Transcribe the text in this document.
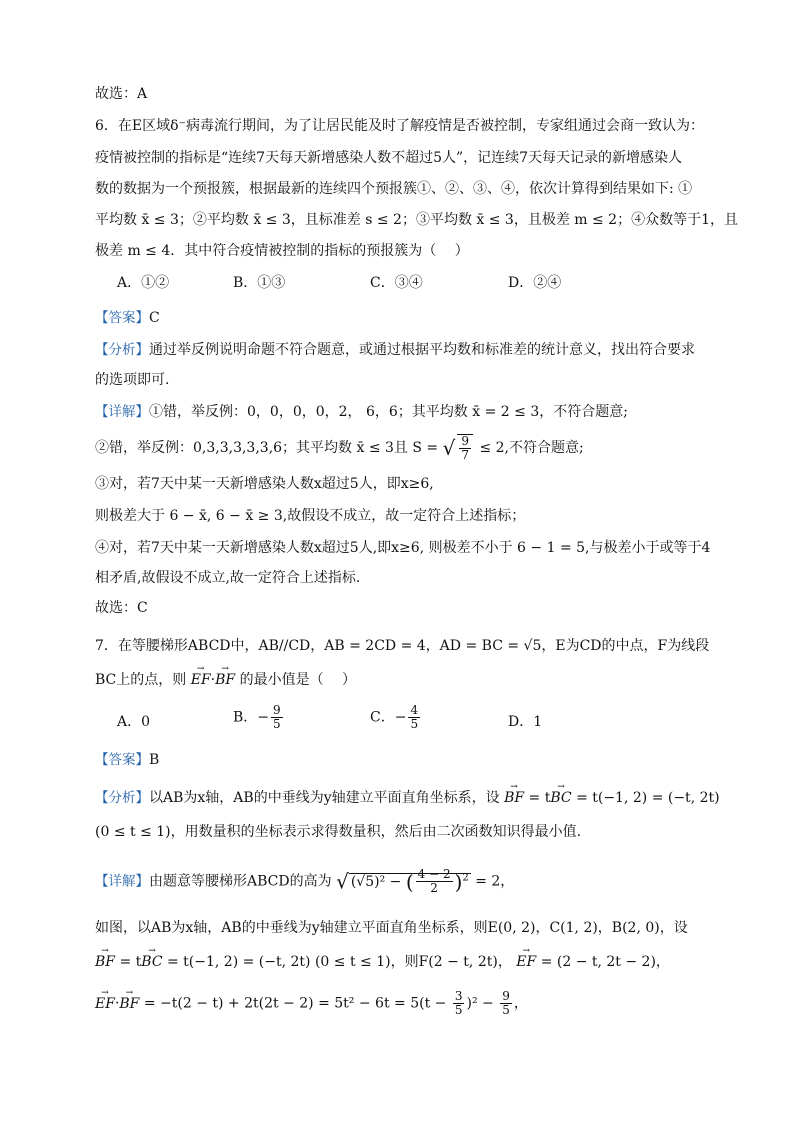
故选：A
6．在E区域δ⁻病毒流行期间，为了让居民能及时了解疫情是否被控制，专家组通过会商一致认为：
疫情被控制的指标是“连续7天每天新增感染人数不超过5人”，记连续7天每天记录的新增感染人
数的数据为一个预报簇，根据最新的连续四个预报簇①、②、③、④，依次计算得到结果如下: ①
平均数 x̄ ≤ 3；②平均数 x̄ ≤ 3，且标准差 s ≤ 2；③平均数 x̄ ≤ 3，且极差 m ≤ 2；④众数等于1，且
极差 m ≤ 4．其中符合疫情被控制的指标的预报簇为（　 ）
A．①②	B．①③	C．③④	D．②④
【答案】C
【分析】通过举反例说明命题不符合题意，或通过根据平均数和标准差的统计意义，找出符合要求
的选项即可.
【详解】①错，举反例：0，0，0，0，2， 6，6；其平均数 x̄ = 2 ≤ 3，不符合题意;
②错，举反例：0,3,3,3,3,3,6；其平均数 x̄ ≤ 3且 S = √ $\frac{9}{7} \le 2$,不符合题意;
③对，若7天中某一天新增感染人数x超过5人，即x≥6,
则极差大于 6 − x̄, 6 − x̄ ≥ 3,故假设不成立，故一定符合上述指标；
④对，若7天中某一天新增感染人数x超过5人,即x≥6, 则极差不小于 6 − 1 = 5,与极差小于或等于4
相矛盾,故假设不成立,故一定符合上述指标.
故选：C
7．在等腰梯形ABCD中，AB//CD，AB = 2CD = 4，AD = BC = √5，E为CD的中点，F为线段
BC上的点，则 → EF·→ BF 的最小值是（　 ）
A．0	B．− $\frac{9}{5}$	C．− $\frac{4}{5}$	D．1
【答案】B
【分析】以AB为x轴，AB的中垂线为y轴建立平面直角坐标系，设 → BF = t→ BC = t(−1, 2) = (−t, 2t)
(0 ≤ t ≤ 1)，用数量积的坐标表示求得数量积，然后由二次函数知识得最小值.
【详解】由题意等腰梯形ABCD的高为 √ (√5)² − ( $\frac{4 - 2}{2} )^2 = 2$，
如图，以AB为x轴，AB的中垂线为y轴建立平面直角坐标系，则E(0, 2)，C(1, 2)，B(2, 0)，设
→ BF = t→ BC = t(−1, 2) = (−t, 2t) (0 ≤ t ≤ 1)，则F(2 − t, 2t)， → EF = (2 − t, 2t − 2)，
→ EF·→ BF = $-t(2 - t) + 2t(2t - 2) = 5t^2 - 6t = 5(t - \frac{3}{5} )^2 - \frac{9}{5}$ ，
